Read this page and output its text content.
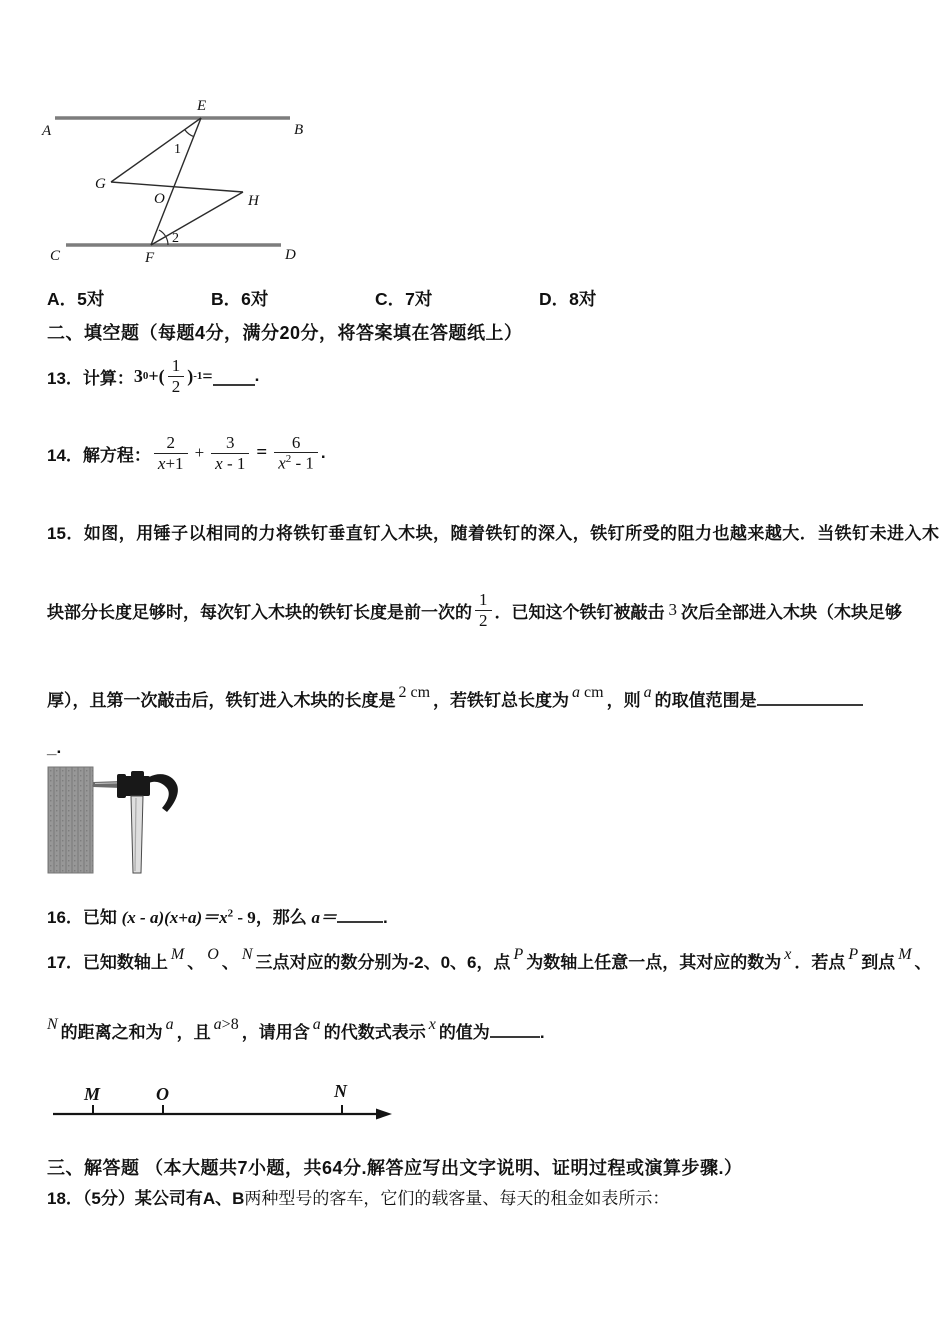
A	B
C	D
E
F
G
O	H
1
2
A．5对	B．6对	C．7对	D．8对
二、填空题（每题4分，满分20分，将答案填在答题纸上）
13．计算： 3 0 +( $\frac{1}{2}$ ) -1 = .
14．解方程： $\frac{2}{x+1} + \frac{3}{x - 1} = \frac{6}{x^2 - 1}$ .
15．如图，用锤子以相同的力将铁钉垂直钉入木块，随着铁钉的深入，铁钉所受的阻力也越来越大．当铁钉未进入木
块部分长度足够时，每次钉入木块的铁钉长度是前一次的 $\frac{1}{2}$ ．已知这个铁钉被敲击 3 次后全部进入木块（木块足够
厚），且第一次敲击后，铁钉进入木块的长度是 2 cm ，若铁钉总长度为 a cm ，则 a 的取值范围是
_.
16．已知 $(x - a)(x+a)=x^2 - 9$，那么 a＝	.
17．已知数轴上 M 、 O 、 N 三点对应的数分别为-2、0、6，点 P 为数轴上任意一点，其对应的数为 x ．若点 P 到点 M 、
N 的距离之和为 a ，且 a>8 ，请用含 a 的代数式表示 x 的值为	.
M	O	N
三、解答题 （本大题共7小题，共64分.解答应写出文字说明、证明过程或演算步骤.）
18．（5分）某公司有A、B两种型号的客车，它们的载客量、每天的租金如表所示：
